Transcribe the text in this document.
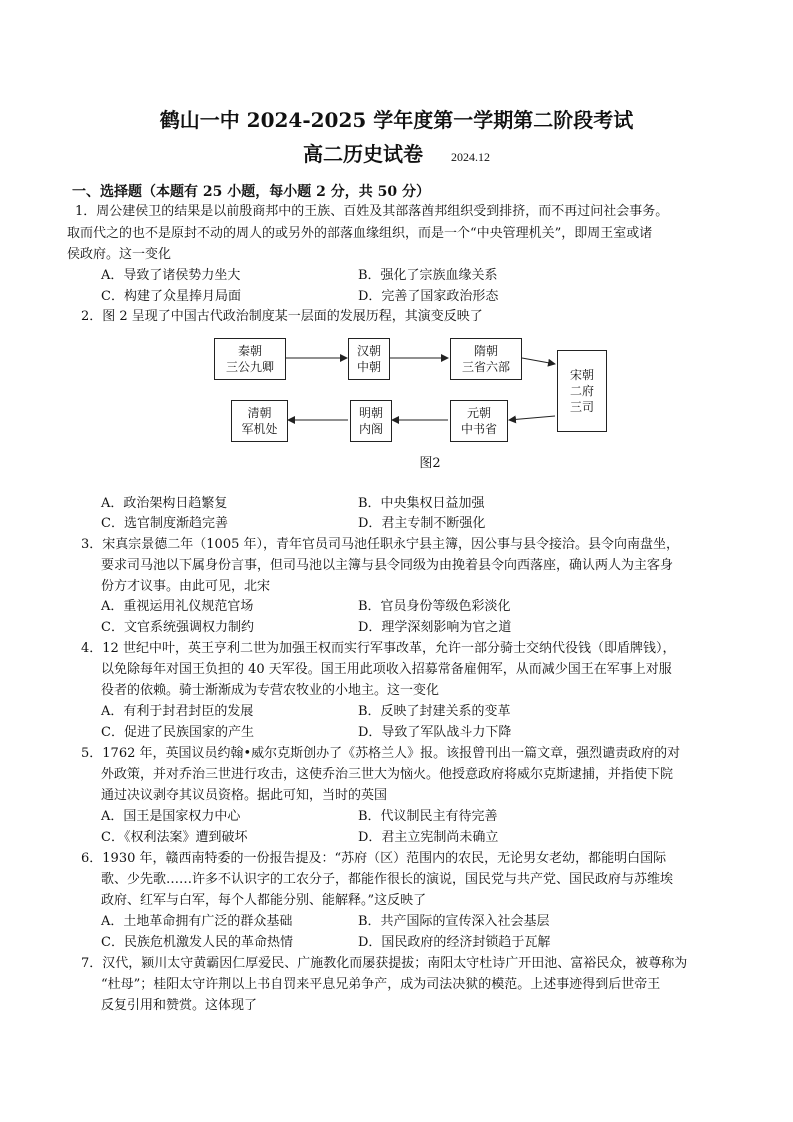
鹤山一中 2024-2025 学年度第一学期第二阶段考试
高二历史试卷 2024.12
一、选择题（本题有 25 小题，每小题 2 分，共 50 分）
1．周公建侯卫的结果是以前殷商邦中的王族、百姓及其部落酋邦组织受到排挤，而不再过问社会事务。
取而代之的也不是原封不动的周人的或另外的部落血缘组织，而是一个“中央管理机关”，即周王室或诸
侯政府。这一变化
A．导致了诸侯势力坐大	B．强化了宗族血缘关系
C．构建了众星捧月局面	D．完善了国家政治形态
2．图 2 呈现了中国古代政治制度某一层面的发展历程，其演变反映了
秦朝
三公九卿
汉朝
中朝
隋朝
三省六部
宋朝
二府
三司
元朝
中书省
明朝
内阁
清朝
军机处
图2
A．政治架构日趋繁复	B．中央集权日益加强
C．选官制度渐趋完善	D．君主专制不断强化
3．宋真宗景德二年（1005 年），青年官员司马池任职永宁县主簿，因公事与县令接洽。县令向南盘坐，
要求司马池以下属身份言事，但司马池以主簿与县令同级为由挽着县令向西落座，确认两人为主客身
份方才议事。由此可见，北宋
A．重视运用礼仪规范官场	B．官员身份等级色彩淡化
C．文官系统强调权力制约	D．理学深刻影响为官之道
4．12 世纪中叶，英王亨利二世为加强王权而实行军事改革，允许一部分骑士交纳代役钱（即盾牌钱），
以免除每年对国王负担的 40 天军役。国王用此项收入招募常备雇佣军，从而减少国王在军事上对服
役者的依赖。骑士渐渐成为专营农牧业的小地主。这一变化
A．有利于封君封臣的发展	B．反映了封建关系的变革
C．促进了民族国家的产生	D．导致了军队战斗力下降
5．1762 年，英国议员约翰•威尔克斯创办了《苏格兰人》报。该报曾刊出一篇文章，强烈谴责政府的对
外政策，并对乔治三世进行攻击，这使乔治三世大为恼火。他授意政府将威尔克斯逮捕，并指使下院
通过决议剥夺其议员资格。据此可知，当时的英国
A．国王是国家权力中心	B．代议制民主有待完善
C．《权利法案》遭到破坏	D．君主立宪制尚未确立
6．1930 年，赣西南特委的一份报告提及：“苏府（区）范围内的农民，无论男女老幼，都能明白国际
歌、少先歌……许多不认识字的工农分子，都能作很长的演说，国民党与共产党、国民政府与苏维埃
政府、红军与白军，每个人都能分别、能解释。”这反映了
A．土地革命拥有广泛的群众基础	B．共产国际的宣传深入社会基层
C．民族危机激发人民的革命热情	D．国民政府的经济封锁趋于瓦解
7．汉代，颍川太守黄霸因仁厚爱民、广施教化而屡获提拔；南阳太守杜诗广开田池、富裕民众，被尊称为
“杜母”；桂阳太守许荆以上书自罚来平息兄弟争产，成为司法决狱的模范。上述事迹得到后世帝王
反复引用和赞赏。这体现了
